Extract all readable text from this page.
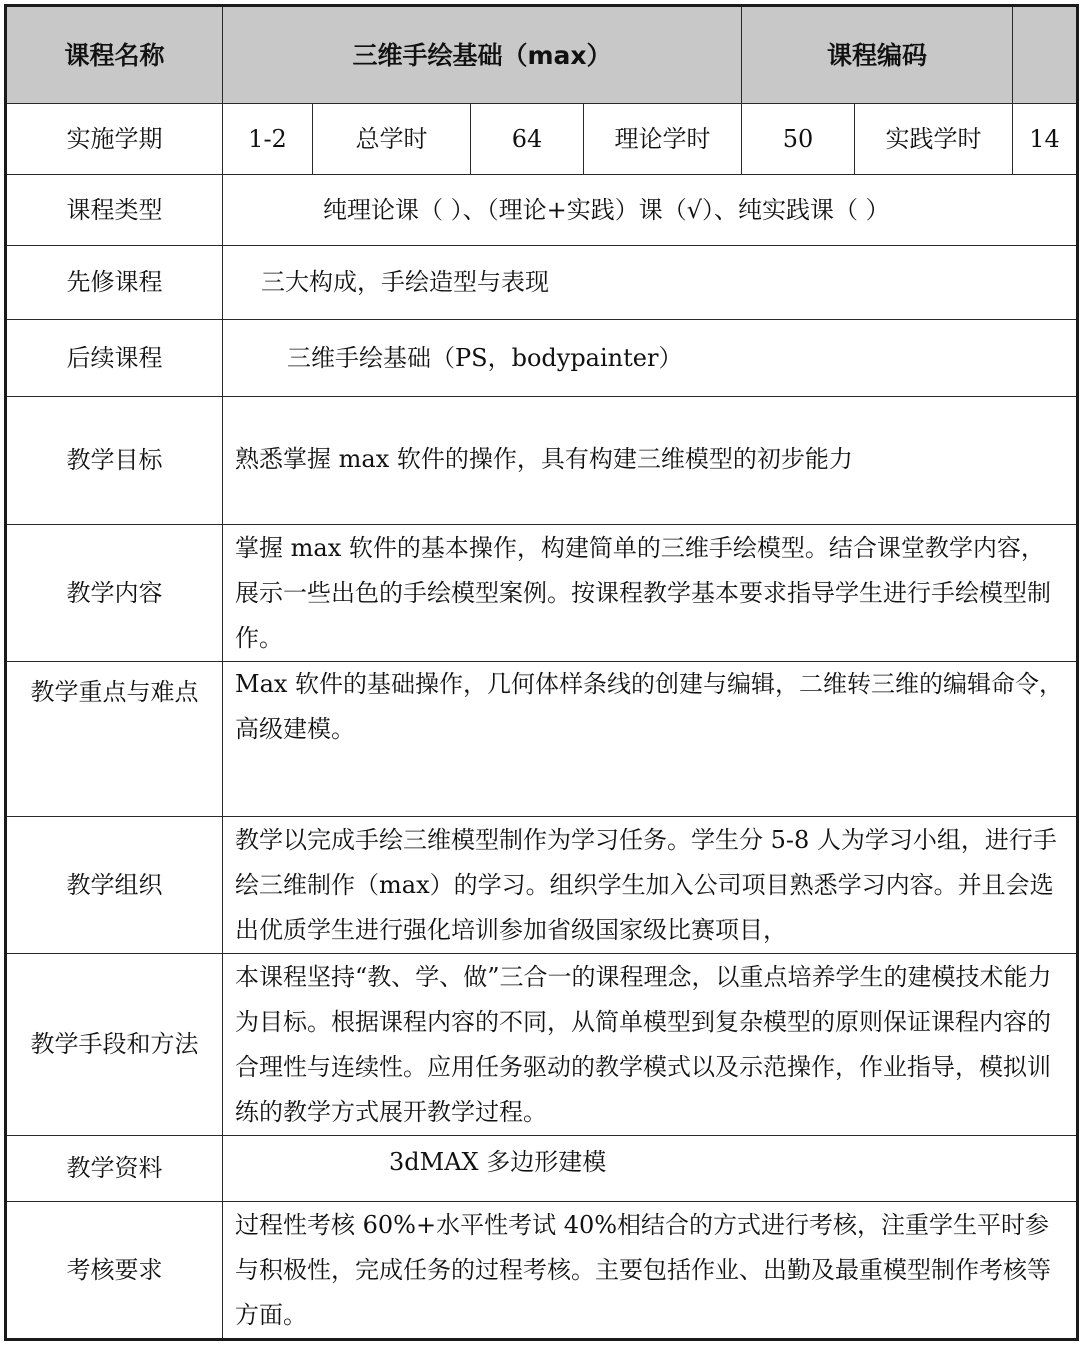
课程名称	三维手绘基础（max）				课程编码		
实施学期	1-2	总学时	64	理论学时	50	实践学时	14
课程类型	纯理论课（ ）、（理论+实践）课（√）、纯实践课（ ）						
先修课程	三大构成，手绘造型与表现						
后续课程	三维手绘基础（PS，bodypainter）						
教学目标	熟悉掌握 max 软件的操作，具有构建三维模型的初步能力						
教学内容	掌握 max 软件的基本操作，构建简单的三维手绘模型。结合课堂教学内容，展示一些出色的手绘模型案例。按课程教学基本要求指导学生进行手绘模型制作。						
教学重点与难点	Max 软件的基础操作，几何体样条线的创建与编辑，二维转三维的编辑命令，高级建模。						
教学组织	教学以完成手绘三维模型制作为学习任务。学生分 5-8 人为学习小组，进行手绘三维制作（max）的学习。组织学生加入公司项目熟悉学习内容。并且会选出优质学生进行强化培训参加省级国家级比赛项目，						
教学手段和方法	本课程坚持“教、学、做”三合一的课程理念，以重点培养学生的建模技术能力为目标。根据课程内容的不同，从简单模型到复杂模型的原则保证课程内容的合理性与连续性。应用任务驱动的教学模式以及示范操作，作业指导，模拟训练的教学方式展开教学过程。						
教学资料	3dMAX 多边形建模						
考核要求	过程性考核 60%+水平性考试 40%相结合的方式进行考核，注重学生平时参与积极性，完成任务的过程考核。主要包括作业、出勤及最重模型制作考核等方面。						
